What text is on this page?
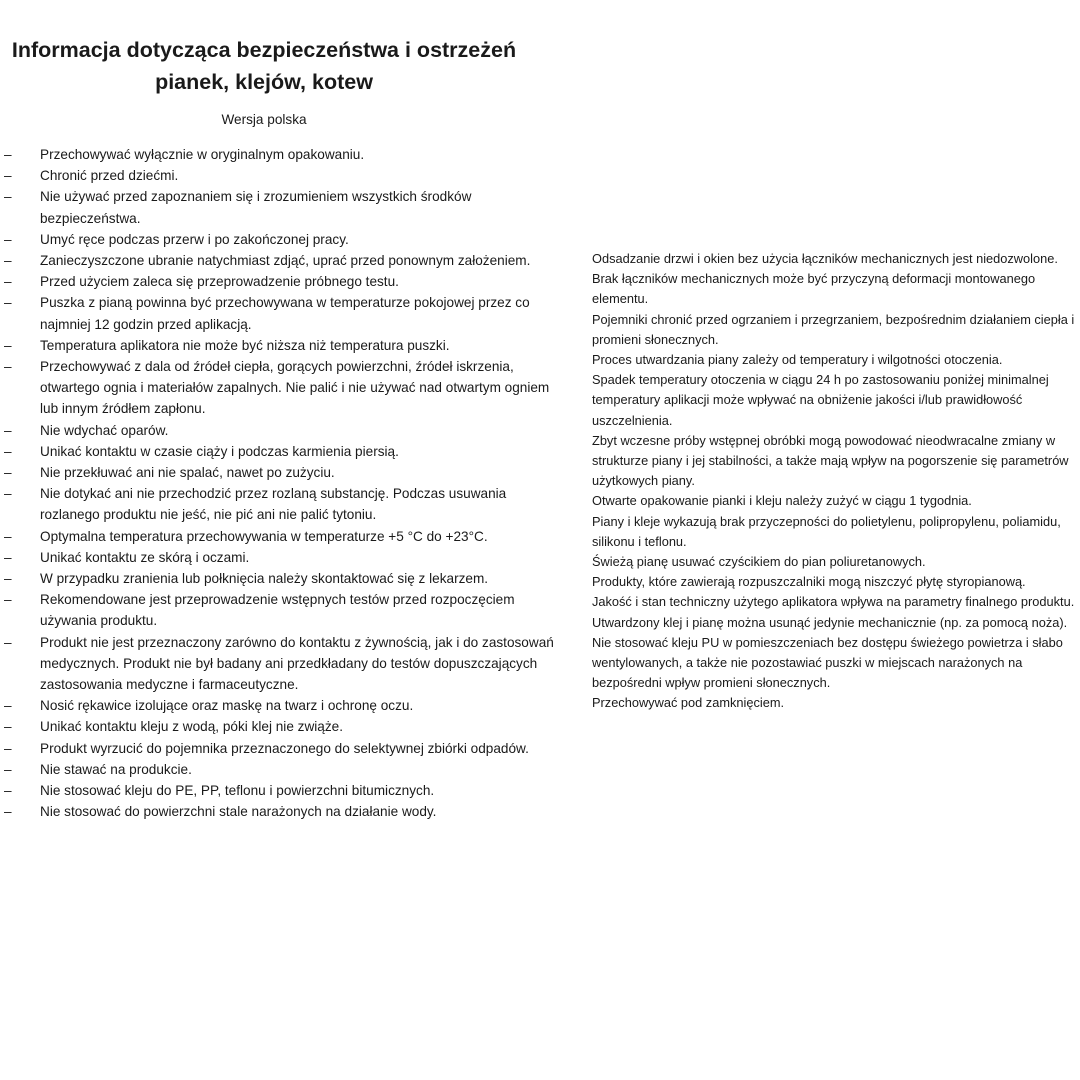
Informacja dotycząca bezpieczeństwa i ostrzeżeń
pianek, klejów, kotew
Wersja polska
–	Przechowywać wyłącznie w oryginalnym opakowaniu.
–	Chronić przed dziećmi.
–	Nie używać przed zapoznaniem się i zrozumieniem wszystkich środków bezpieczeństwa.
–	Umyć ręce podczas przerw i po zakończonej pracy.
–	Zanieczyszczone ubranie natychmiast zdjąć, uprać przed ponownym założeniem.
–	Przed użyciem zaleca się przeprowadzenie próbnego testu.
–	Puszka z pianą powinna być przechowywana w temperaturze pokojowej przez co najmniej 12 godzin przed aplikacją.
–	Temperatura aplikatora nie może być niższa niż temperatura puszki.
–	Przechowywać z dala od źródeł ciepła, gorących powierzchni, źródeł iskrzenia, otwartego ognia i materiałów zapalnych. Nie palić i nie używać nad otwartym ogniem lub innym źródłem zapłonu.
–	Nie wdychać oparów.
–	Unikać kontaktu w czasie ciąży i podczas karmienia piersią.
–	Nie przekłuwać ani nie spalać, nawet po zużyciu.
–	Nie dotykać ani nie przechodzić przez rozlaną substancję. Podczas usuwania rozlanego produktu nie jeść, nie pić ani nie palić tytoniu.
–	Optymalna temperatura przechowywania w temperaturze +5 °C do +23°C.
–	Unikać kontaktu ze skórą i oczami.
–	W przypadku zranienia lub połknięcia należy skontaktować się z lekarzem.
–	Rekomendowane jest przeprowadzenie wstępnych testów przed rozpoczęciem używania produktu.
–	Produkt nie jest przeznaczony zarówno do kontaktu z żywnością, jak i do zastosowań medycznych. Produkt nie był badany ani przedkładany do testów dopuszczających zastosowania medyczne i farmaceutyczne.
–	Nosić rękawice izolujące oraz maskę na twarz i ochronę oczu.
–	Unikać kontaktu kleju z wodą, póki klej nie zwiąże.
–	Produkt wyrzucić do pojemnika przeznaczonego do selektywnej zbiórki odpadów.
–	Nie stawać na produkcie.
–	Nie stosować kleju do PE, PP, teflonu i powierzchni bitumicznych.
–	Nie stosować do powierzchni stale narażonych na działanie wody.

Odsadzanie drzwi i okien bez użycia łączników mechanicznych jest niedozwolone. Brak łączników mechanicznych może być przyczyną deformacji montowanego elementu.

Pojemniki chronić przed ogrzaniem i przegrzaniem, bezpośrednim działaniem ciepła i promieni słonecznych.

Proces utwardzania piany zależy od temperatury i wilgotności otoczenia.

Spadek temperatury otoczenia w ciągu 24 h po zastosowaniu poniżej minimalnej temperatury aplikacji może wpływać na obniżenie jakości i/lub prawidłowość uszczelnienia.

Zbyt wczesne próby wstępnej obróbki mogą powodować nieodwracalne zmiany w strukturze piany i jej stabilności, a także mają wpływ na pogorszenie się parametrów użytkowych piany.

Otwarte opakowanie pianki i kleju należy zużyć w ciągu 1 tygodnia.

Piany i kleje wykazują brak przyczepności do polietylenu, polipropylenu, poliamidu, silikonu i teflonu.

Świeżą pianę usuwać czyścikiem do pian poliuretanowych.

Produkty, które zawierają rozpuszczalniki mogą niszczyć płytę styropianową.

Jakość i stan techniczny użytego aplikatora wpływa na parametry finalnego produktu.

Utwardzony klej i pianę można usunąć jedynie mechanicznie (np. za pomocą noża).

Nie stosować kleju PU w pomieszczeniach bez dostępu świeżego powietrza i słabo wentylowanych, a także nie pozostawiać puszki w miejscach narażonych na bezpośredni wpływ promieni słonecznych.

Przechowywać pod zamknięciem.
